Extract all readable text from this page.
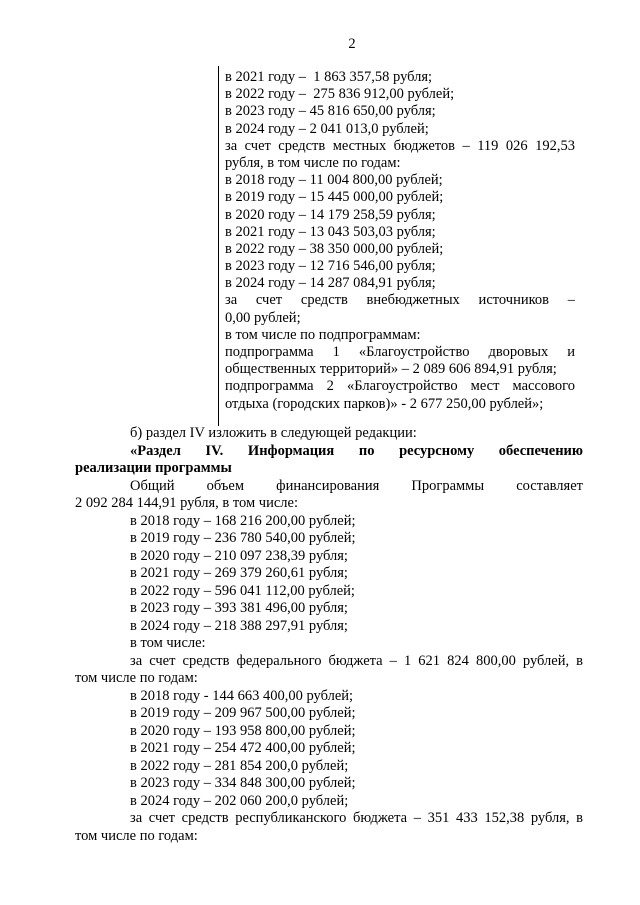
2
в 2021 году –  1 863 357,58 рубля;
в 2022 году –  275 836 912,00 рублей;
в 2023 году – 45 816 650,00 рубля;
в 2024 году – 2 041 013,0 рублей;
за счет средств местных бюджетов – 119 026 192,53
рубля, в том числе по годам:
в 2018 году – 11 004 800,00 рублей;
в 2019 году – 15 445 000,00 рублей;
в 2020 году – 14 179 258,59 рубля;
в 2021 году – 13 043 503,03 рубля;
в 2022 году – 38 350 000,00 рублей;
в 2023 году – 12 716 546,00 рубля;
в 2024 году – 14 287 084,91 рубля;
за счет средств внебюджетных источников –
0,00 рублей;
в том числе по подпрограммам:
подпрограмма 1 «Благоустройство дворовых и
общественных территорий» – 2 089 606 894,91 рубля;
подпрограмма 2 «Благоустройство мест массового
отдыха (городских парков)» - 2 677 250,00 рублей»;
б) раздел IV изложить в следующей редакции:
«Раздел IV. Информация по ресурсному обеспечению
реализации программы
Общий объем финансирования Программы составляет
2 092 284 144,91 рубля, в том числе:
в 2018 году – 168 216 200,00 рублей;
в 2019 году – 236 780 540,00 рублей;
в 2020 году – 210 097 238,39 рубля;
в 2021 году – 269 379 260,61 рубля;
в 2022 году – 596 041 112,00 рублей;
в 2023 году – 393 381 496,00 рубля;
в 2024 году – 218 388 297,91 рубля;
в том числе:
за счет средств федерального бюджета – 1 621 824 800,00 рублей, в
том числе по годам:
в 2018 году - 144 663 400,00 рублей;
в 2019 году – 209 967 500,00 рублей;
в 2020 году – 193 958 800,00 рублей;
в 2021 году – 254 472 400,00 рублей;
в 2022 году – 281 854 200,0 рублей;
в 2023 году – 334 848 300,00 рублей;
в 2024 году – 202 060 200,0 рублей;
за счет средств республиканского бюджета – 351 433 152,38 рубля, в
том числе по годам:
